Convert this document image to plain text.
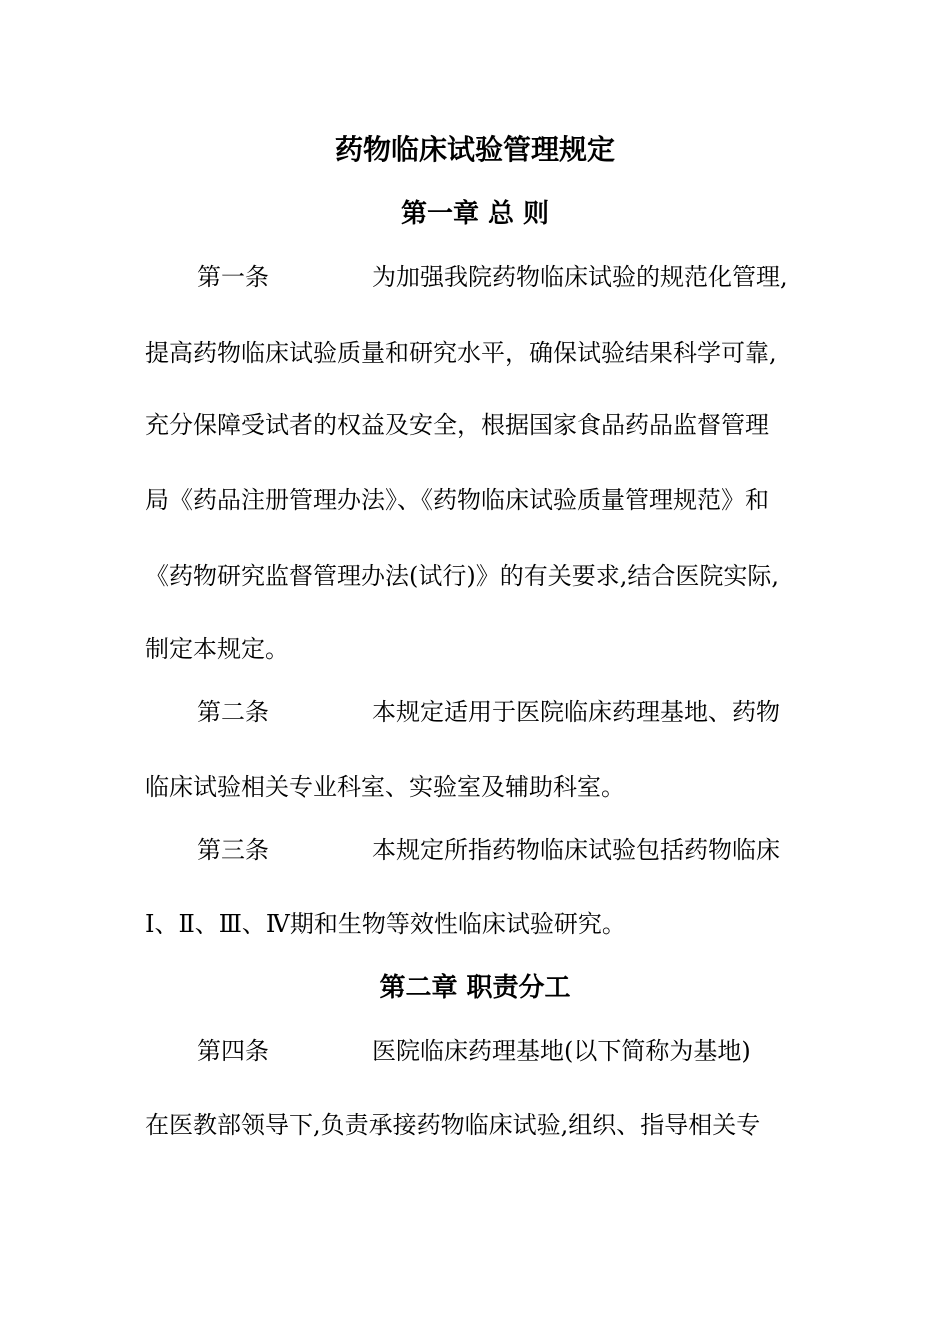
药物临床试验管理规定
第一章 总 则
第一条	为加强我院药物临床试验的规范化管理,
提高药物临床试验质量和研究水平，确保试验结果科学可靠,
充分保障受试者的权益及安全，根据国家食品药品监督管理
局《药品注册管理办法》、《药物临床试验质量管理规范》和
《药物研究监督管理办法(试行)》的有关要求,结合医院实际,
制定本规定。
第二条	本规定适用于医院临床药理基地、药物
临床试验相关专业科室、实验室及辅助科室。
第三条	本规定所指药物临床试验包括药物临床
Ⅰ、Ⅱ、Ⅲ、Ⅳ期和生物等效性临床试验研究。
第二章 职责分工
第四条	医院临床药理基地(以下简称为基地)
在医教部领导下,负责承接药物临床试验,组织、指导相关专
